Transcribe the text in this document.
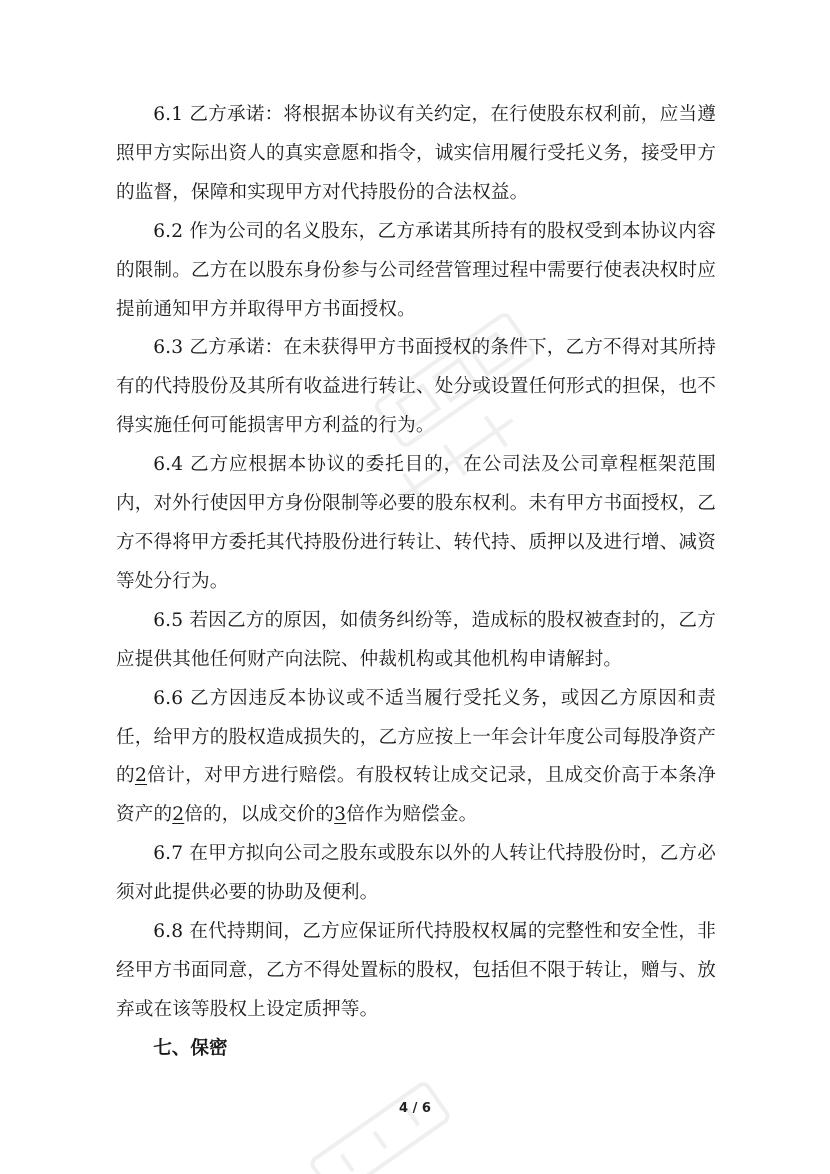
6.1 乙方承诺：将根据本协议有关约定，在行使股东权利前，应当遵照甲方实际出资人的真实意愿和指令，诚实信用履行受托义务，接受甲方的监督，保障和实现甲方对代持股份的合法权益。

6.2 作为公司的名义股东，乙方承诺其所持有的股权受到本协议内容的限制。乙方在以股东身份参与公司经营管理过程中需要行使表决权时应提前通知甲方并取得甲方书面授权。

6.3 乙方承诺：在未获得甲方书面授权的条件下，乙方不得对其所持有的代持股份及其所有收益进行转让、处分或设置任何形式的担保，也不得实施任何可能损害甲方利益的行为。

6.4 乙方应根据本协议的委托目的，在公司法及公司章程框架范围内，对外行使因甲方身份限制等必要的股东权利。未有甲方书面授权，乙方不得将甲方委托其代持股份进行转让、转代持、质押以及进行增、减资等处分行为。

6.5 若因乙方的原因，如债务纠纷等，造成标的股权被查封的，乙方应提供其他任何财产向法院、仲裁机构或其他机构申请解封。

6.6 乙方因违反本协议或不适当履行受托义务，或因乙方原因和责任，给甲方的股权造成损失的，乙方应按上一年会计年度公司每股净资产的2倍计，对甲方进行赔偿。有股权转让成交记录，且成交价高于本条净资产的2倍的，以成交价的3倍作为赔偿金。

6.7 在甲方拟向公司之股东或股东以外的人转让代持股份时，乙方必须对此提供必要的协助及便利。

6.8 在代持期间，乙方应保证所代持股权权属的完整性和安全性，非经甲方书面同意，乙方不得处置标的股权，包括但不限于转让，赠与、放弃或在该等股权上设定质押等。

七、保密

4 / 6
